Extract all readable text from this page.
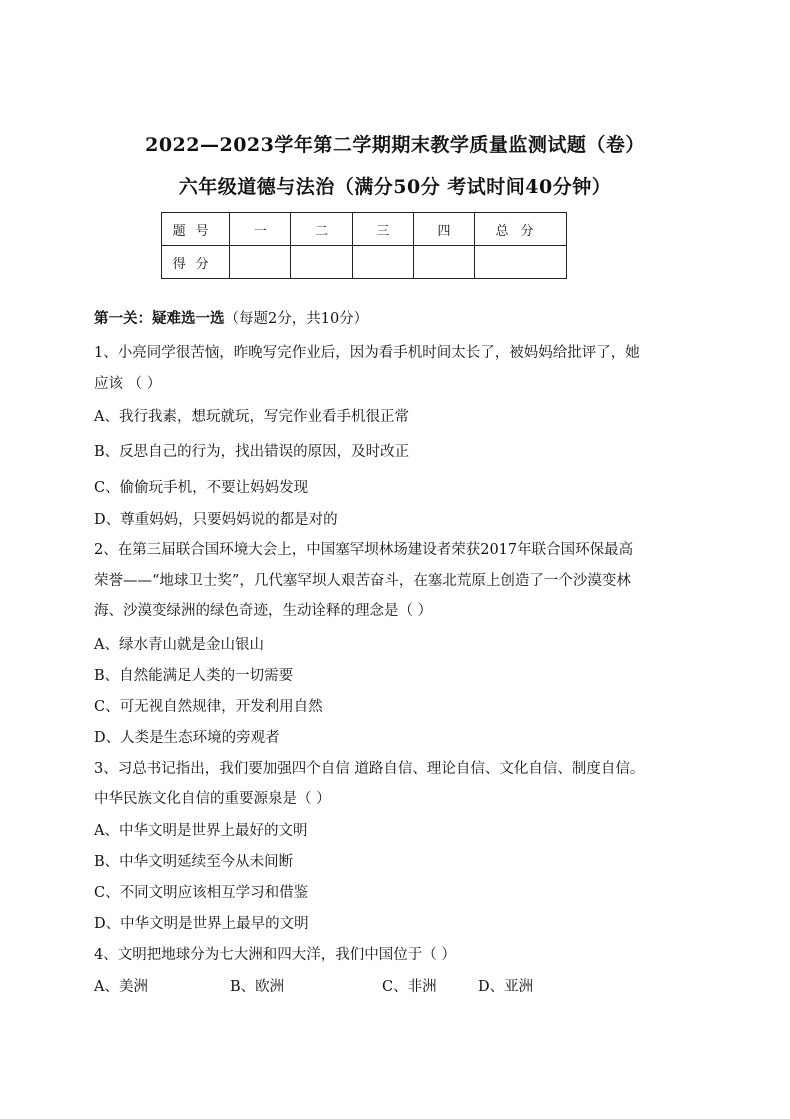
2022—2023学年第二学期期末教学质量监测试题（卷）
六年级道德与法治（满分50分 考试时间40分钟）
题号	一	二	三	四	总分
得分					
第一关：疑难选一选（每题2分，共10分）
1、小亮同学很苦恼，昨晚写完作业后，因为看手机时间太长了，被妈妈给批评了，她
应该 （ ）
A、我行我素，想玩就玩，写完作业看手机很正常
B、反思自己的行为，找出错误的原因，及时改正
C、偷偷玩手机，不要让妈妈发现
D、尊重妈妈，只要妈妈说的都是对的
2、在第三届联合国环境大会上，中国塞罕坝林场建设者荣获2017年联合国环保最高
荣誉——“地球卫士奖”，几代塞罕坝人艰苦奋斗，在塞北荒原上创造了一个沙漠变林
海、沙漠变绿洲的绿色奇迹，生动诠释的理念是（ ）
A、绿水青山就是金山银山
B、自然能满足人类的一切需要
C、可无视自然规律，开发利用自然
D、人类是生态环境的旁观者
3、习总书记指出，我们要加强四个自信 道路自信、理论自信、文化自信、制度自信。
中华民族文化自信的重要源泉是（ ）
A、中华文明是世界上最好的文明
B、中华文明延续至今从未间断
C、不同文明应该相互学习和借鉴
D、中华文明是世界上最早的文明
4、文明把地球分为七大洲和四大洋，我们中国位于（ ）
A、美洲	B、欧洲	C、非洲	D、亚洲
